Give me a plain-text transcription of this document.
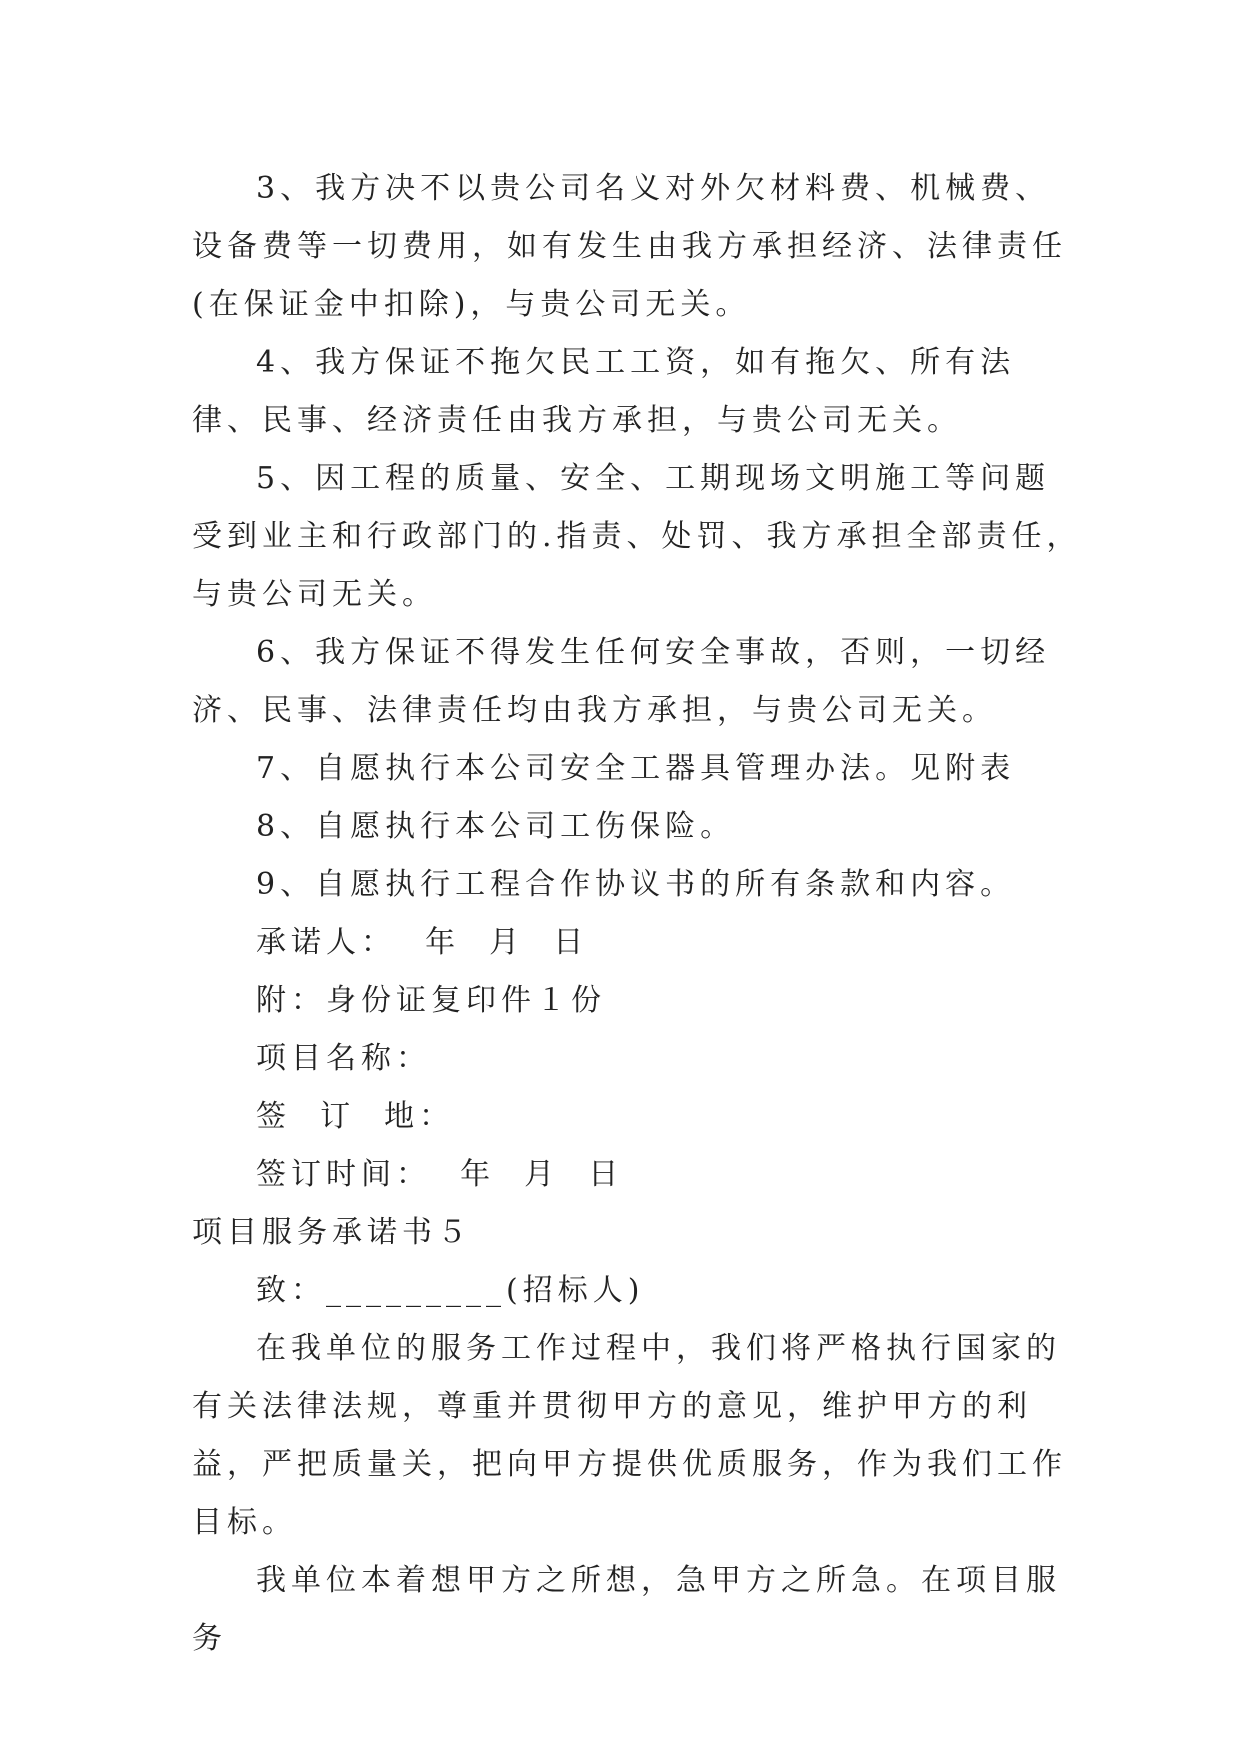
3、我方决不以贵公司名义对外欠材料费、机械费、设备费等一切费用，如有发生由我方承担经济、法律责任(在保证金中扣除)，与贵公司无关。

4、我方保证不拖欠民工工资，如有拖欠、所有法律、民事、经济责任由我方承担，与贵公司无关。

5、因工程的质量、安全、工期现场文明施工等问题受到业主和行政部门的.指责、处罚、我方承担全部责任，与贵公司无关。

6、我方保证不得发生任何安全事故，否则，一切经济、民事、法律责任均由我方承担，与贵公司无关。

7、自愿执行本公司安全工器具管理办法。见附表

8、自愿执行本公司工伤保险。

9、自愿执行工程合作协议书的所有条款和内容。

承诺人：  年  月  日

附：身份证复印件１份

项目名称：

签  订  地：

签订时间：  年  月  日

项目服务承诺书５

致：_________(招标人)

在我单位的服务工作过程中，我们将严格执行国家的有关法律法规，尊重并贯彻甲方的意见，维护甲方的利益，严把质量关，把向甲方提供优质服务，作为我们工作目标。

我单位本着想甲方之所想，急甲方之所急。在项目服务
